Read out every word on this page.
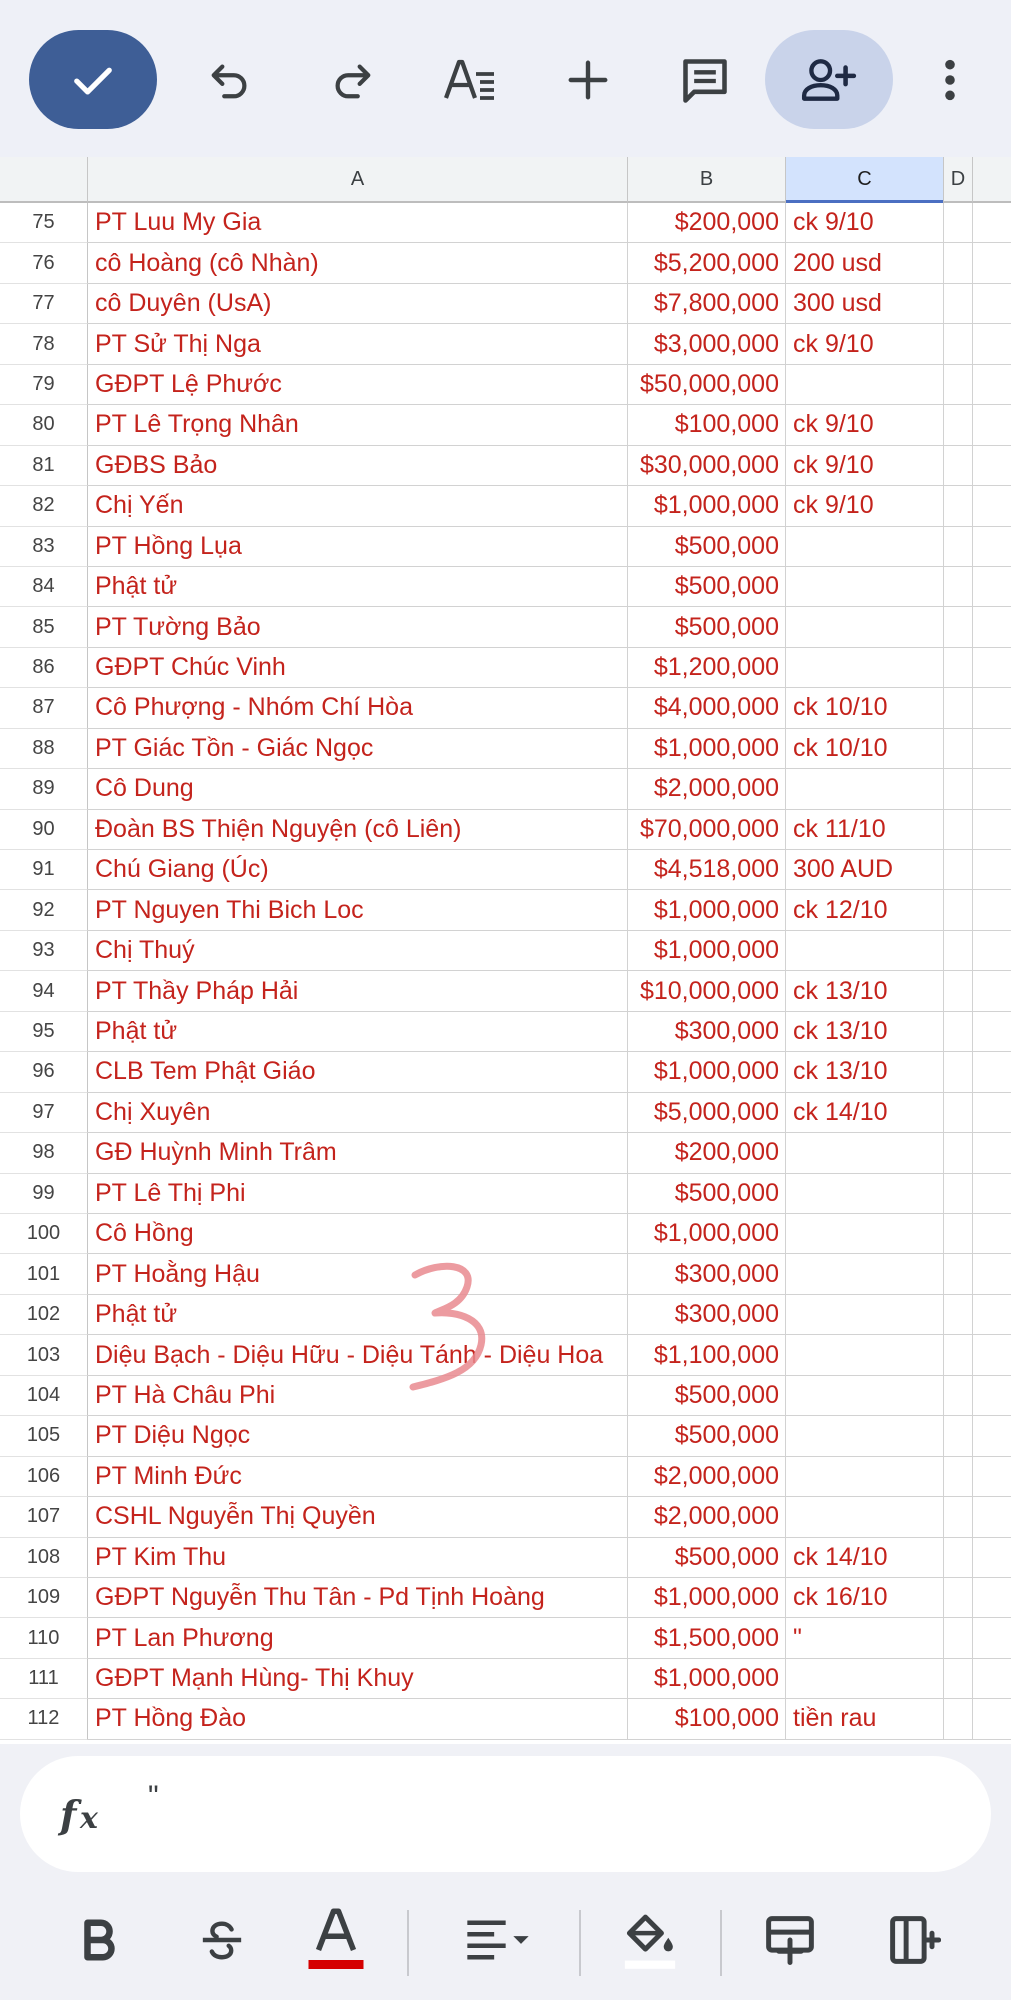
A	B	C	D
75	PT Luu My Gia	$200,000 ck 9/10
76	cô Hoàng (cô Nhàn)	$5,200,000 200 usd
77	cô Duyên (UsA)	$7,800,000 300 usd
78	PT Sử Thị Nga	$3,000,000 ck 9/10
79	GĐPT Lệ Phước	$50,000,000
80	PT Lê Trọng Nhân	$100,000 ck 9/10
81	GĐBS Bảo	$30,000,000 ck 9/10
82	Chị Yến	$1,000,000 ck 9/10
83	PT Hồng Lụa	$500,000
84	Phật tử	$500,000
85	PT Tường Bảo	$500,000
86	GĐPT Chúc Vinh	$1,200,000
87	Cô Phượng - Nhóm Chí Hòa	$4,000,000 ck 10/10
88	PT Giác Tồn - Giác Ngọc	$1,000,000 ck 10/10
89	Cô Dung	$2,000,000
90	Đoàn BS Thiện Nguyện (cô Liên)	$70,000,000 ck 11/10
91	Chú Giang (Úc)	$4,518,000 300 AUD
92	PT Nguyen Thi Bich Loc	$1,000,000 ck 12/10
93	Chị Thuý	$1,000,000
94	PT Thầy Pháp Hải	$10,000,000 ck 13/10
95	Phật tử	$300,000 ck 13/10
96	CLB Tem Phật Giáo	$1,000,000 ck 13/10
97	Chị Xuyên	$5,000,000 ck 14/10
98	GĐ Huỳnh Minh Trâm	$200,000
99	PT Lê Thị Phi	$500,000
100	Cô Hồng	$1,000,000
101	PT Hoằng Hậu	$300,000
102	Phật tử	$300,000
103	Diệu Bạch - Diệu Hữu - Diệu Tánh - Diệu Hoa	$1,100,000
104	PT Hà Châu Phi	$500,000
105	PT Diệu Ngọc	$500,000
106	PT Minh Đức	$2,000,000
107	CSHL Nguyễn Thị Quyền	$2,000,000
108	PT Kim Thu	$500,000 ck 14/10
109	GĐPT Nguyễn Thu Tân - Pd Tịnh Hoàng	$1,000,000 ck 16/10
110	PT Lan Phương	$1,500,000 "
111	GĐPT Mạnh Hùng- Thị Khuy	$1,000,000
112	PT Hồng Đào	$100,000 tiền rau
f x
"
